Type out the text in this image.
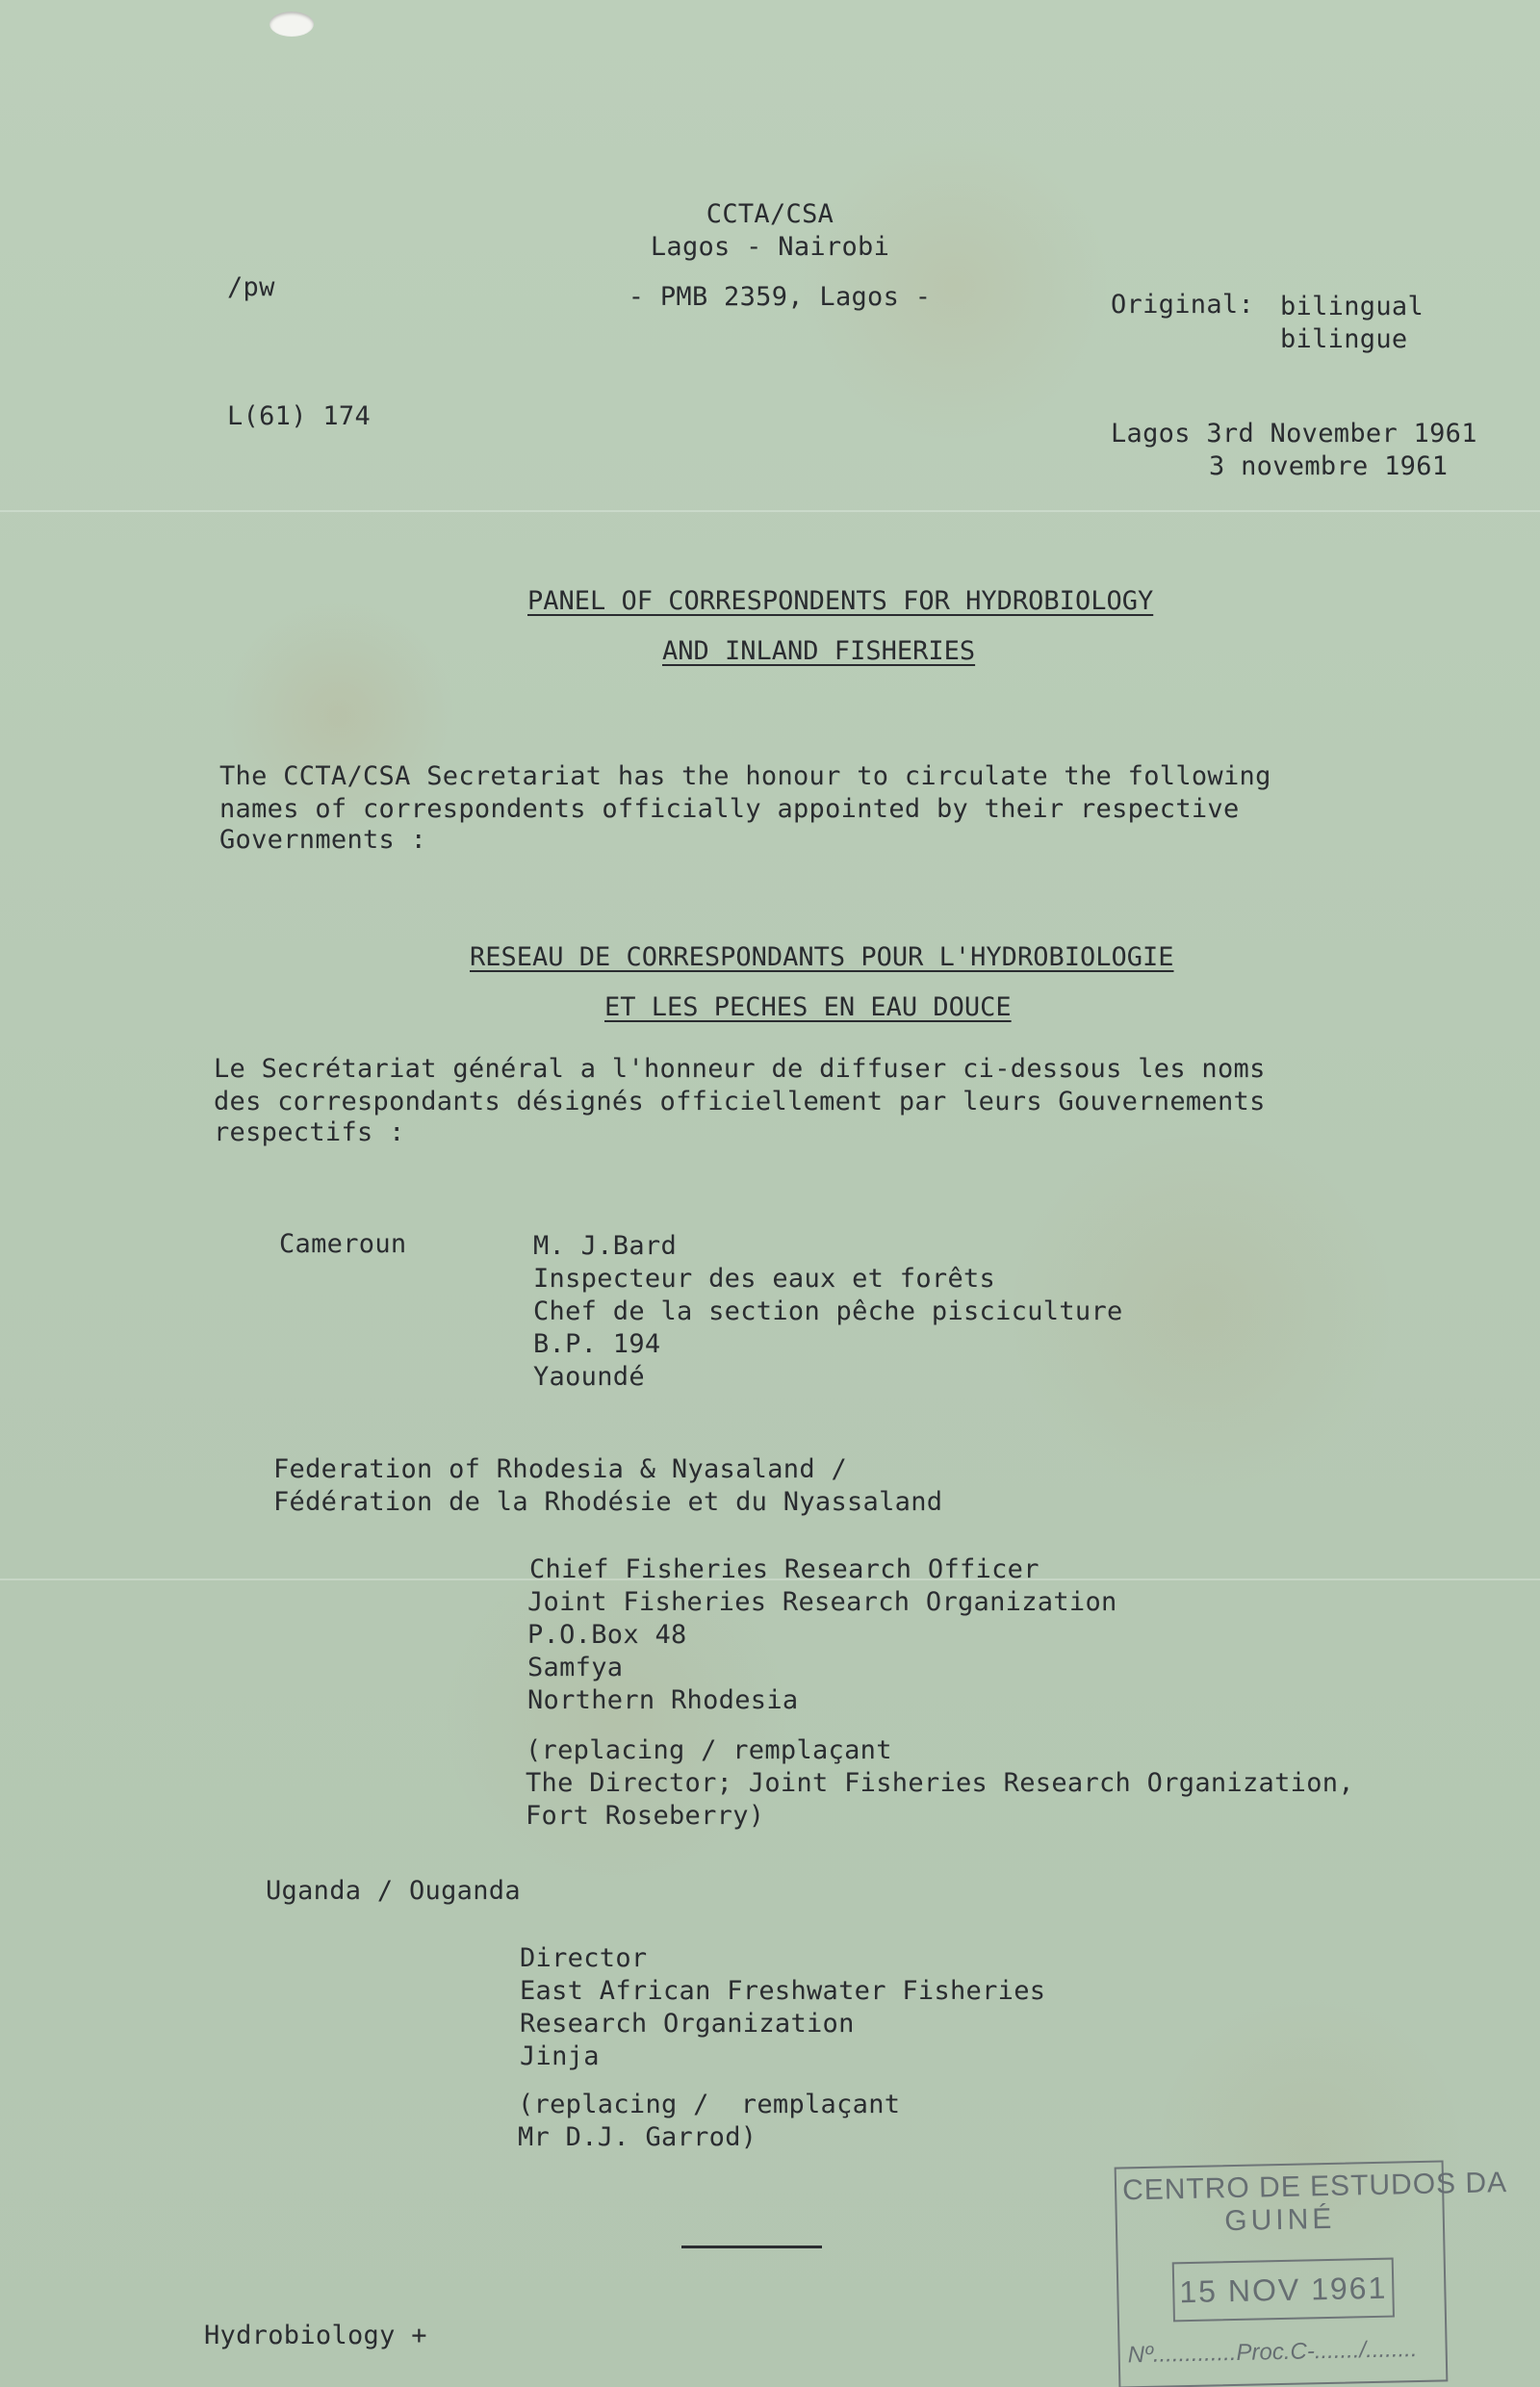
CCTA/CSA
Lagos - Nairobi
- PMB 2359, Lagos -
/pw
L(61) 174
Original: bilingual
bilingue
Lagos 3rd November 1961
3 novembre 1961
PANEL OF CORRESPONDENTS FOR HYDROBIOLOGY
AND INLAND FISHERIES
The CCTA/CSA Secretariat has the honour to circulate the following
names of correspondents officially appointed by their respective
Governments :
RESEAU DE CORRESPONDANTS POUR L'HYDROBIOLOGIE
ET LES PECHES EN EAU DOUCE
Le Secrétariat général a l'honneur de diffuser ci-dessous les noms
des correspondants désignés officiellement par leurs Gouvernements
respectifs :
Cameroun	M. J.Bard
Inspecteur des eaux et forêts
Chef de la section pêche pisciculture
B.P. 194
Yaoundé
Federation of Rhodesia & Nyasaland /
Fédération de la Rhodésie et du Nyassaland
Chief Fisheries Research Officer
Joint Fisheries Research Organization
P.O.Box 48
Samfya
Northern Rhodesia
(replacing / remplaçant
The Director; Joint Fisheries Research Organization,
Fort Roseberry)
Uganda / Ouganda
Director
East African Freshwater Fisheries
Research Organization
Jinja
(replacing /  remplaçant
Mr D.J. Garrod)
Hydrobiology +
CENTRO DE ESTUDOS DA
GUINÉ
15 NOV 1961
Nº.............Proc.C-......./........
